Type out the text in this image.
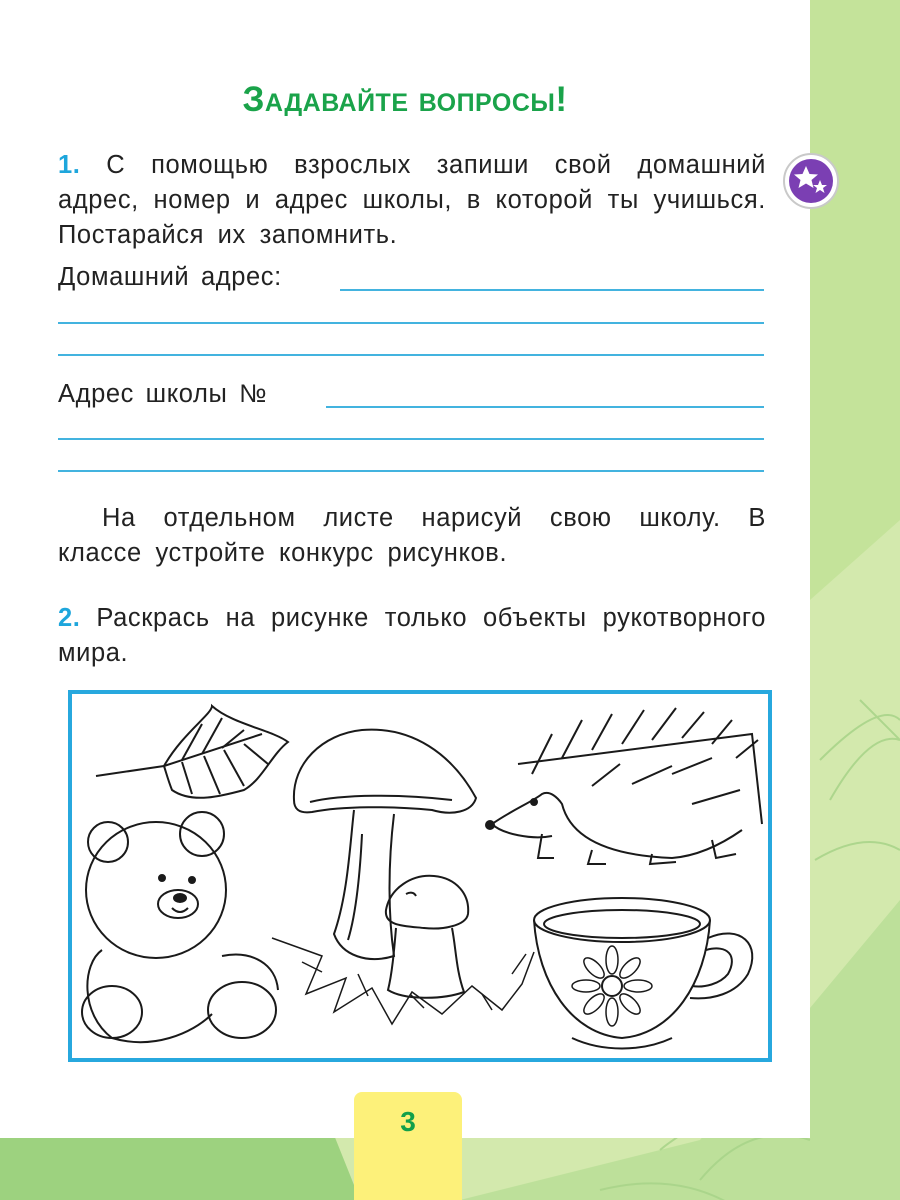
Задавайте вопросы!
1. С помощью взрослых запиши свой домашний адрес, номер и адрес школы, в которой ты учишься. Постарайся их запомнить.
Домашний адрес:
Адрес школы №
На отдельном листе нарисуй свою школу. В классе устройте конкурс рисунков.
2. Раскрась на рисунке только объекты рукотворного мира.
3
